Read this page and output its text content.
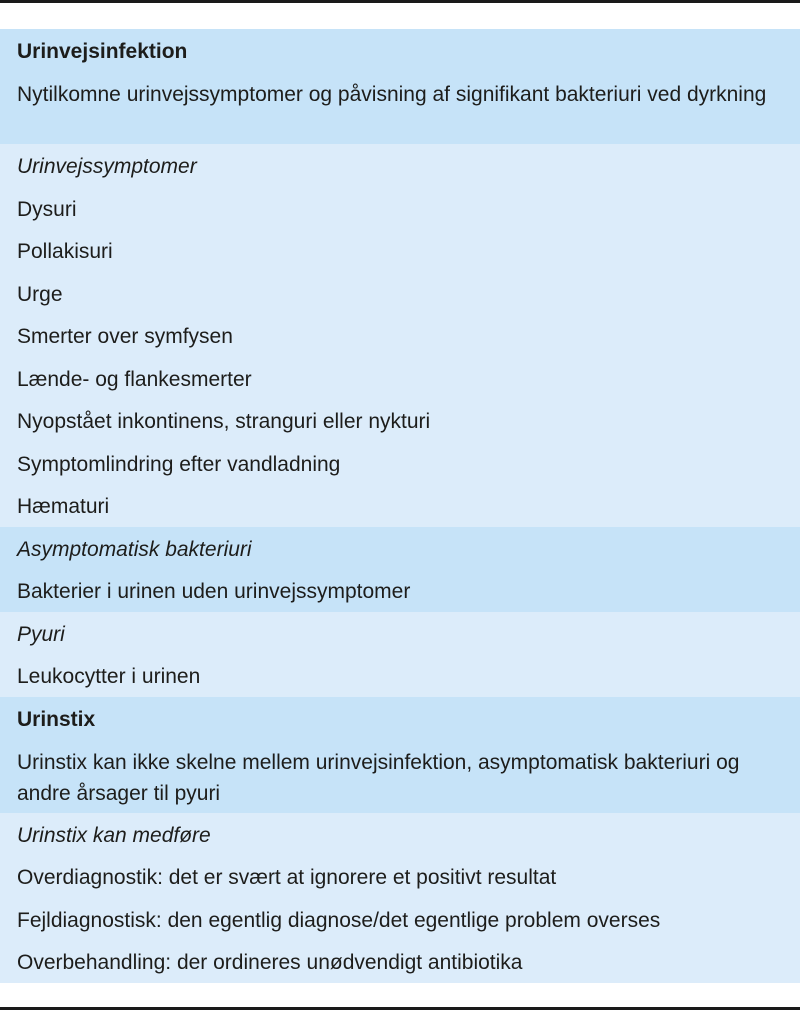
Urinvejsinfektion
Nytilkomne urinvejssymptomer og påvisning af signifikant bakteriuri ved dyrkning
Urinvejssymptomer
Dysuri
Pollakisuri
Urge
Smerter over symfysen
Lænde- og flankesmerter
Nyopstået inkontinens, stranguri eller nykturi
Symptomlindring efter vandladning
Hæmaturi
Asymptomatisk bakteriuri
Bakterier i urinen uden urinvejssymptomer
Pyuri
Leukocytter i urinen
Urinstix
Urinstix kan ikke skelne mellem urinvejsinfektion, asymptomatisk bakteriuri og andre årsager til pyuri
Urinstix kan medføre
Overdiagnostik: det er svært at ignorere et positivt resultat
Fejldiagnostisk: den egentlig diagnose/det egentlige problem overses
Overbehandling: der ordineres unødvendigt antibiotika
